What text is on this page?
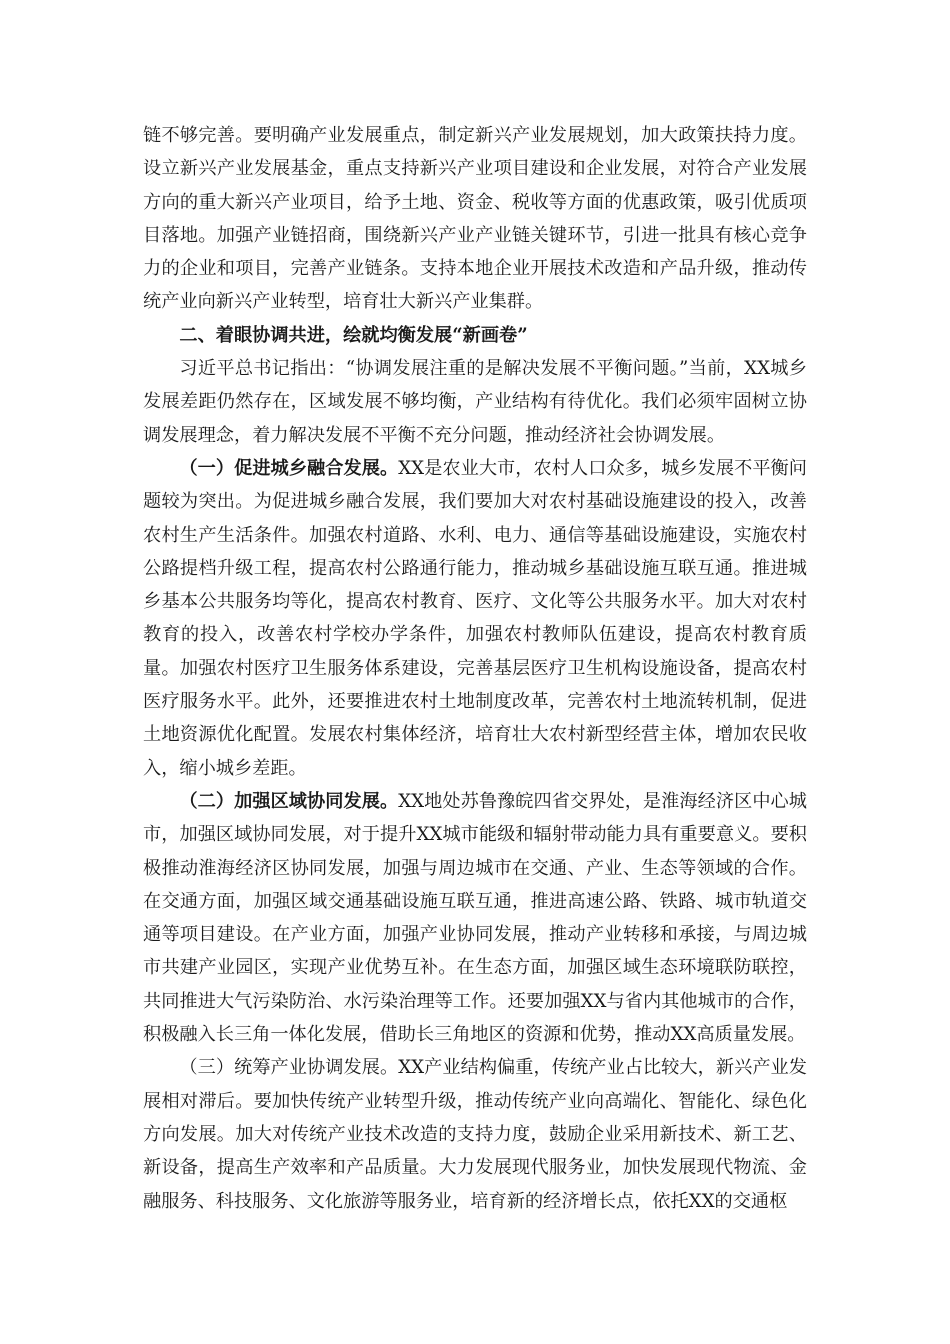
链不够完善。要明确产业发展重点，制定新兴产业发展规划，加大政策扶持力度。设立新兴产业发展基金，重点支持新兴产业项目建设和企业发展，对符合产业发展方向的重大新兴产业项目，给予土地、资金、税收等方面的优惠政策，吸引优质项目落地。加强产业链招商，围绕新兴产业产业链关键环节，引进一批具有核心竞争力的企业和项目，完善产业链条。支持本地企业开展技术改造和产品升级，推动传统产业向新兴产业转型，培育壮大新兴产业集群。

二、着眼协调共进，绘就均衡发展“新画卷”

习近平总书记指出：“协调发展注重的是解决发展不平衡问题。”当前，XX城乡发展差距仍然存在，区域发展不够均衡，产业结构有待优化。我们必须牢固树立协调发展理念，着力解决发展不平衡不充分问题，推动经济社会协调发展。

（一）促进城乡融合发展。XX是农业大市，农村人口众多，城乡发展不平衡问题较为突出。为促进城乡融合发展，我们要加大对农村基础设施建设的投入，改善农村生产生活条件。加强农村道路、水利、电力、通信等基础设施建设，实施农村公路提档升级工程，提高农村公路通行能力，推动城乡基础设施互联互通。推进城乡基本公共服务均等化，提高农村教育、医疗、文化等公共服务水平。加大对农村教育的投入，改善农村学校办学条件，加强农村教师队伍建设，提高农村教育质量。加强农村医疗卫生服务体系建设，完善基层医疗卫生机构设施设备，提高农村医疗服务水平。此外，还要推进农村土地制度改革，完善农村土地流转机制，促进土地资源优化配置。发展农村集体经济，培育壮大农村新型经营主体，增加农民收入，缩小城乡差距。

（二）加强区域协同发展。XX地处苏鲁豫皖四省交界处，是淮海经济区中心城市，加强区域协同发展，对于提升XX城市能级和辐射带动能力具有重要意义。要积极推动淮海经济区协同发展，加强与周边城市在交通、产业、生态等领域的合作。在交通方面，加强区域交通基础设施互联互通，推进高速公路、铁路、城市轨道交通等项目建设。在产业方面，加强产业协同发展，推动产业转移和承接，与周边城市共建产业园区，实现产业优势互补。在生态方面，加强区域生态环境联防联控，共同推进大气污染防治、水污染治理等工作。还要加强XX与省内其他城市的合作，积极融入长三角一体化发展，借助长三角地区的资源和优势，推动XX高质量发展。

（三）统筹产业协调发展。XX产业结构偏重，传统产业占比较大，新兴产业发展相对滞后。要加快传统产业转型升级，推动传统产业向高端化、智能化、绿色化方向发展。加大对传统产业技术改造的支持力度，鼓励企业采用新技术、新工艺、新设备，提高生产效率和产品质量。大力发展现代服务业，加快发展现代物流、金融服务、科技服务、文化旅游等服务业，培育新的经济增长点，依托XX的交通枢
